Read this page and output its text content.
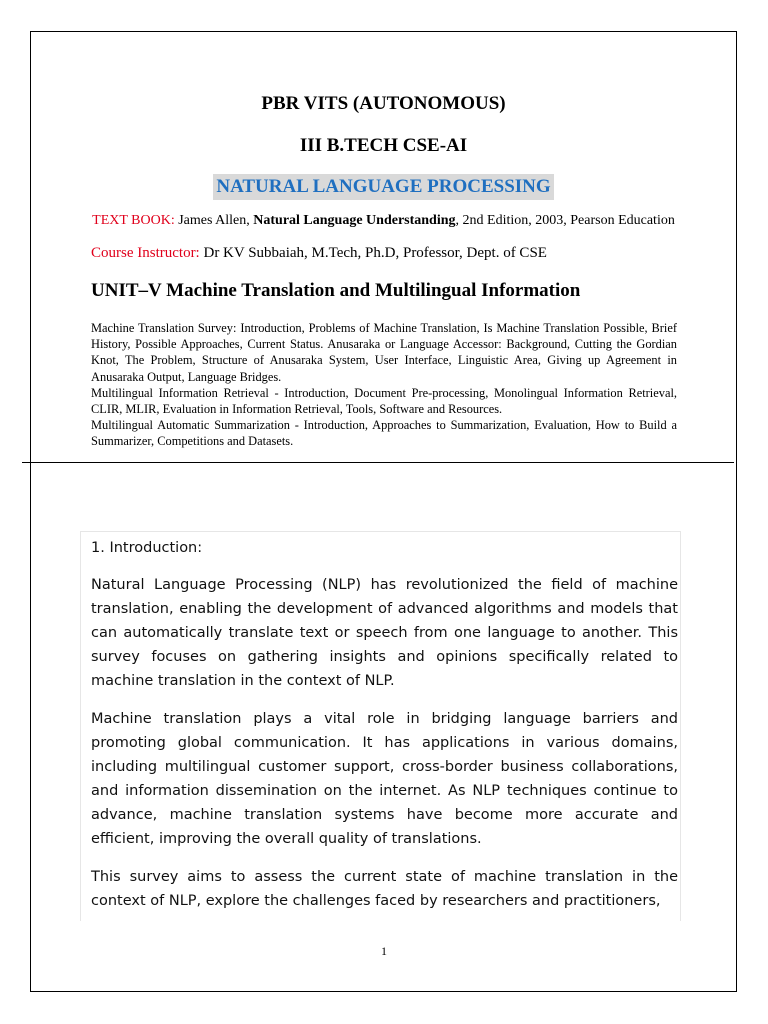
PBR VITS (AUTONOMOUS)
III B.TECH CSE-AI
NATURAL LANGUAGE PROCESSING
TEXT BOOK: James Allen, Natural Language Understanding, 2nd Edition, 2003, Pearson Education
Course Instructor: Dr KV Subbaiah, M.Tech, Ph.D, Professor, Dept. of CSE
UNIT–V Machine Translation and Multilingual Information

Machine Translation Survey: Introduction, Problems of Machine Translation, Is Machine Translation Possible, Brief History, Possible Approaches, Current Status. Anusaraka or Language Accessor: Background, Cutting the Gordian Knot, The Problem, Structure of Anusaraka System, User Interface, Linguistic Area, Giving up Agreement in Anusaraka Output, Language Bridges.

Multilingual Information Retrieval - Introduction, Document Pre-processing, Monolingual Information Retrieval, CLIR, MLIR, Evaluation in Information Retrieval, Tools, Software and Resources.

Multilingual Automatic Summarization - Introduction, Approaches to Summarization, Evaluation, How to Build a Summarizer, Competitions and Datasets.

1. Introduction:

Natural Language Processing (NLP) has revolutionized the field of machine translation, enabling the development of advanced algorithms and models that can automatically translate text or speech from one language to another. This survey focuses on gathering insights and opinions specifically related to machine translation in the context of NLP.

Machine translation plays a vital role in bridging language barriers and promoting global communication. It has applications in various domains, including multilingual customer support, cross-border business collaborations, and information dissemination on the internet. As NLP techniques continue to advance, machine translation systems have become more accurate and efficient, improving the overall quality of translations.

This survey aims to assess the current state of machine translation in the context of NLP, explore the challenges faced by researchers and practitioners,

1
